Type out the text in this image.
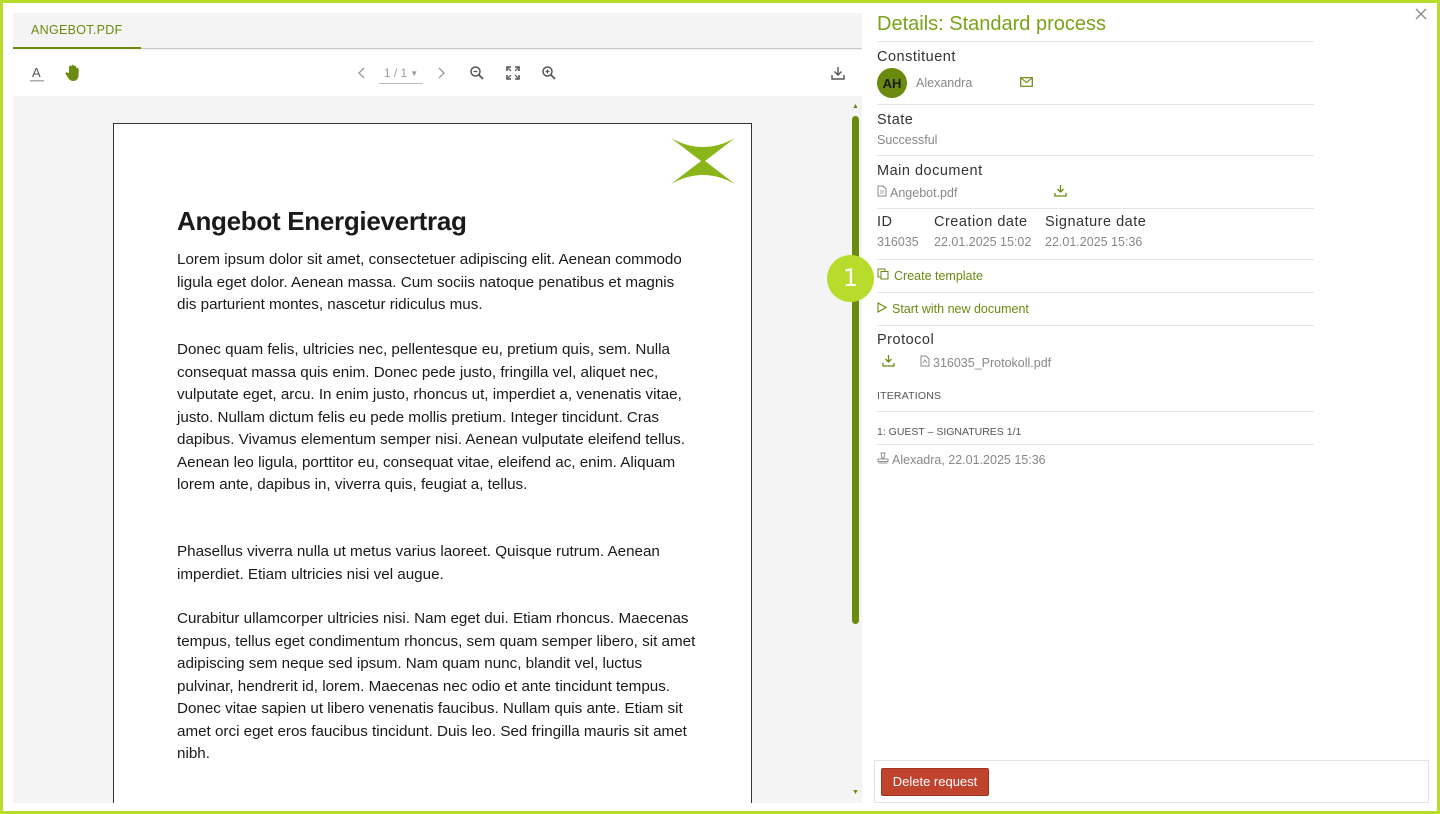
ANGEBOT.PDF
A	1 / 1 ▼
Angebot Energievertrag

Lorem ipsum dolor sit amet, consectetuer adipiscing elit. Aenean commodo ligula eget dolor. Aenean massa. Cum sociis natoque penatibus et magnis dis parturient montes, nascetur ridiculus mus.

Donec quam felis, ultricies nec, pellentesque eu, pretium quis, sem. Nulla consequat massa quis enim. Donec pede justo, fringilla vel, aliquet nec, vulputate eget, arcu. In enim justo, rhoncus ut, imperdiet a, venenatis vitae, justo. Nullam dictum felis eu pede mollis pretium. Integer tincidunt. Cras dapibus. Vivamus elementum semper nisi. Aenean vulputate eleifend tellus. Aenean leo ligula, porttitor eu, consequat vitae, eleifend ac, enim. Aliquam lorem ante, dapibus in, viverra quis, feugiat a, tellus.

Phasellus viverra nulla ut metus varius laoreet. Quisque rutrum. Aenean imperdiet. Etiam ultricies nisi vel augue.

Curabitur ullamcorper ultricies nisi. Nam eget dui. Etiam rhoncus. Maecenas tempus, tellus eget condimentum rhoncus, sem quam semper libero, sit amet adipiscing sem neque sed ipsum. Nam quam nunc, blandit vel, luctus pulvinar, hendrerit id, lorem. Maecenas nec odio et ante tincidunt tempus. Donec vitae sapien ut libero venenatis faucibus. Nullam quis ante. Etiam sit amet orci eget eros faucibus tincidunt. Duis leo. Sed fringilla mauris sit amet nibh.

▲
▼
Details: Standard process
Constituent
AH	Alexandra
State
Successful
Main document
Angebot.pdf
ID
316035
Creation date
22.01.2025 15:02
Signature date
22.01.2025 15:36
Create template
Start with new document
Protocol
316035_Protokoll.pdf
ITERATIONS
1: GUEST – SIGNATURES 1/1
Alexadra, 22.01.2025 15:36
1
Delete request
